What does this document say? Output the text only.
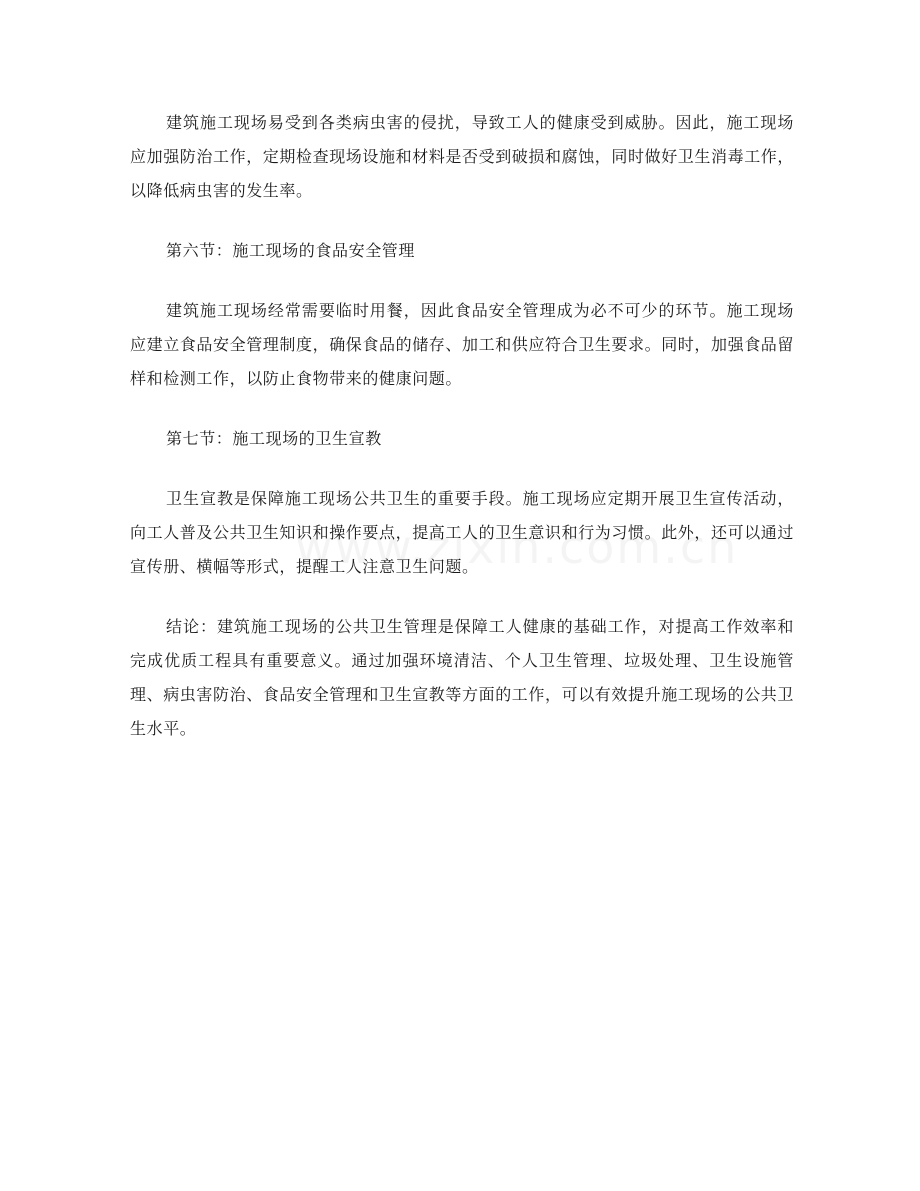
建筑施工现场易受到各类病虫害的侵扰，导致工人的健康受到威胁。因此，施工现场应加强防治工作，定期检查现场设施和材料是否受到破损和腐蚀，同时做好卫生消毒工作，以降低病虫害的发生率。

第六节：施工现场的食品安全管理

建筑施工现场经常需要临时用餐，因此食品安全管理成为必不可少的环节。施工现场应建立食品安全管理制度，确保食品的储存、加工和供应符合卫生要求。同时，加强食品留样和检测工作，以防止食物带来的健康问题。

第七节：施工现场的卫生宣教

卫生宣教是保障施工现场公共卫生的重要手段。施工现场应定期开展卫生宣传活动，向工人普及公共卫生知识和操作要点，提高工人的卫生意识和行为习惯。此外，还可以通过宣传册、横幅等形式，提醒工人注意卫生问题。

结论：建筑施工现场的公共卫生管理是保障工人健康的基础工作，对提高工作效率和完成优质工程具有重要意义。通过加强环境清洁、个人卫生管理、垃圾处理、卫生设施管理、病虫害防治、食品安全管理和卫生宣教等方面的工作，可以有效提升施工现场的公共卫生水平。
